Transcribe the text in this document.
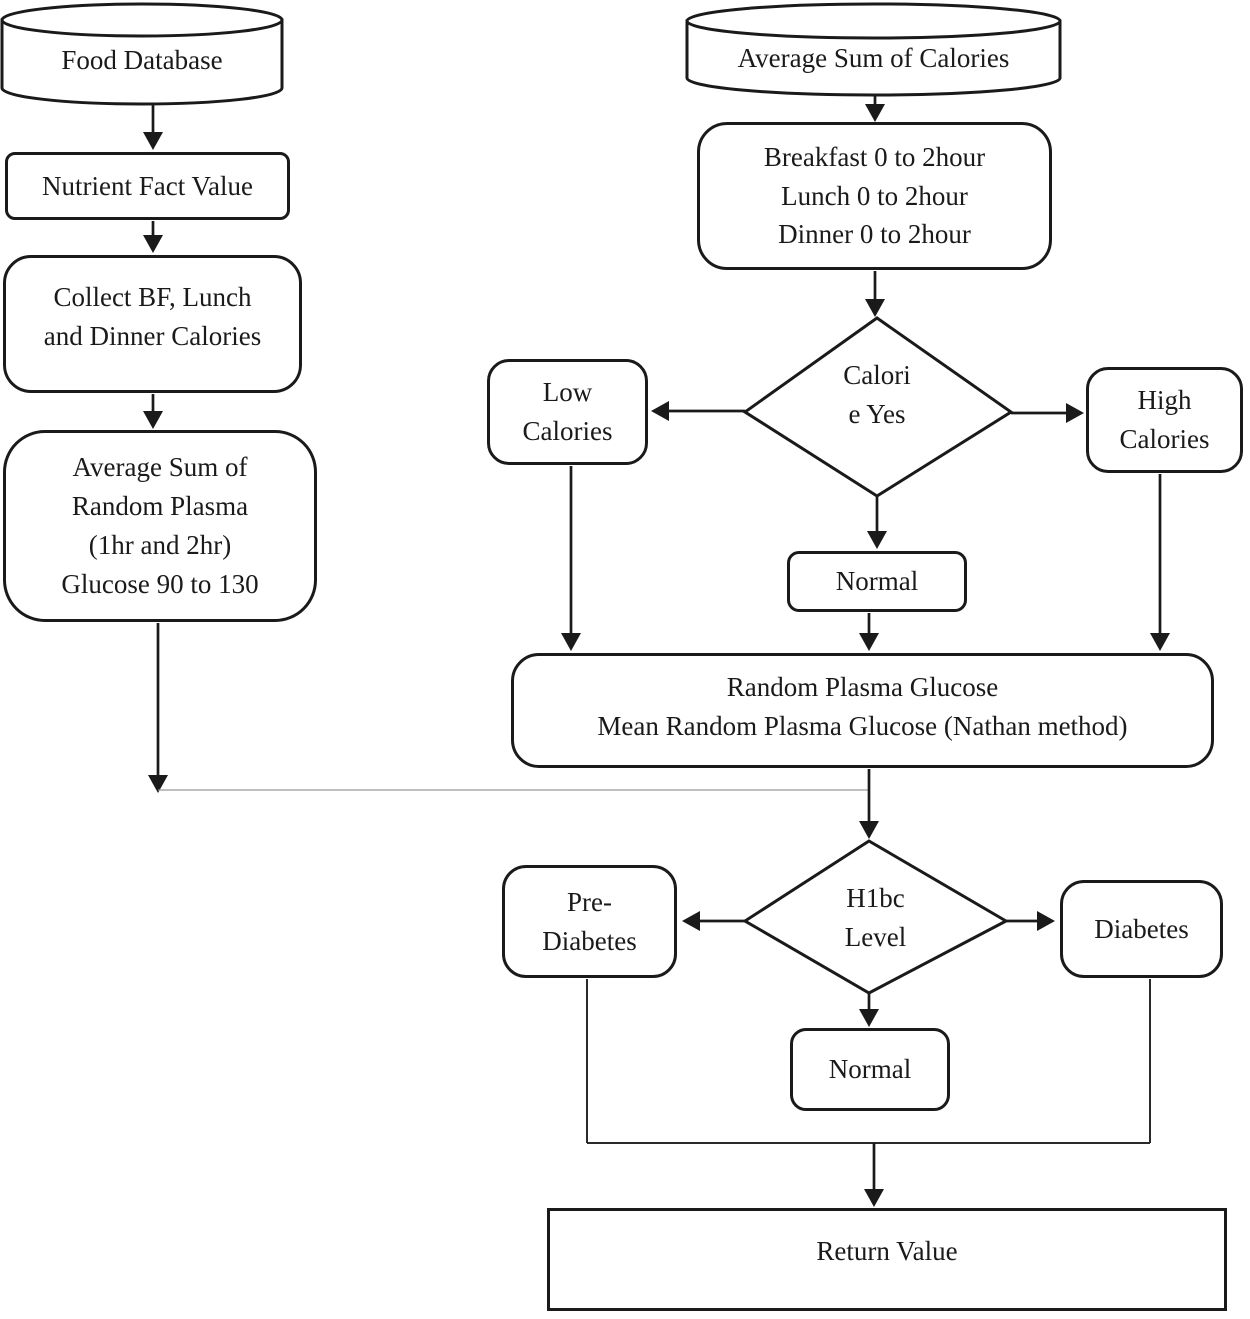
Food Database	Average Sum of Calories
Nutrient Fact Value
Collect BF, Lunch
and Dinner Calories
Average Sum of
Random Plasma
(1hr and 2hr)
Glucose 90 to 130
Breakfast 0 to 2hour
Lunch 0 to 2hour
Dinner 0 to 2hour
Calori
e Yes
Low
Calories
High
Calories
Normal
Random Plasma Glucose
Mean Random Plasma Glucose (Nathan method)
H1bc
Level
Pre-
Diabetes	Diabetes
Normal
Return Value
